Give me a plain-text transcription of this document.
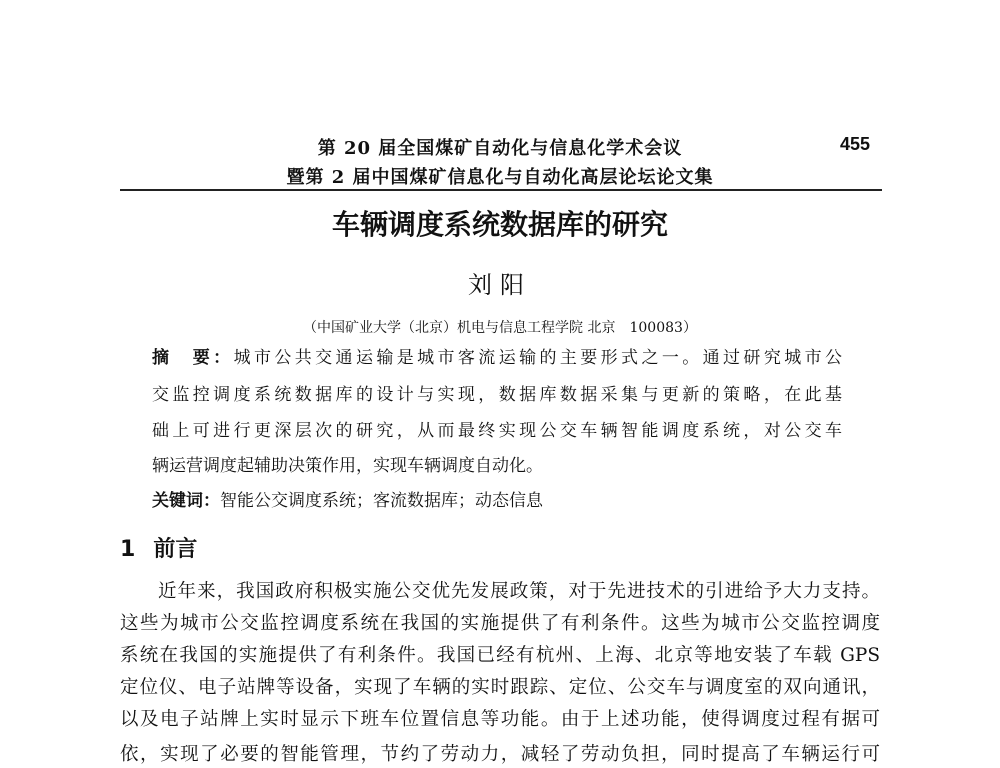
第 20 届全国煤矿自动化与信息化学术会议
暨第 2 届中国煤矿信息化与自动化高层论坛论文集
455
车辆调度系统数据库的研究
刘阳
（中国矿业大学（北京）机电与信息工程学院 北京　100083）
摘　要：城市公共交通运输是城市客流运输的主要形式之一。通过研究城市公
交监控调度系统数据库的设计与实现，数据库数据采集与更新的策略，在此基
础上可进行更深层次的研究，从而最终实现公交车辆智能调度系统，对公交车
辆运营调度起辅助决策作用，实现车辆调度自动化。
关键词：智能公交调度系统；客流数据库；动态信息
1 前言
近年来，我国政府积极实施公交优先发展政策，对于先进技术的引进给予大力支持。
这些为城市公交监控调度系统在我国的实施提供了有利条件。这些为城市公交监控调度
系统在我国的实施提供了有利条件。我国已经有杭州、上海、北京等地安装了车载 GPS
定位仪、电子站牌等设备，实现了车辆的实时跟踪、定位、公交车与调度室的双向通讯，
以及电子站牌上实时显示下班车位置信息等功能。由于上述功能，使得调度过程有据可
依，实现了必要的智能管理，节约了劳动力，减轻了劳动负担，同时提高了车辆运行可
